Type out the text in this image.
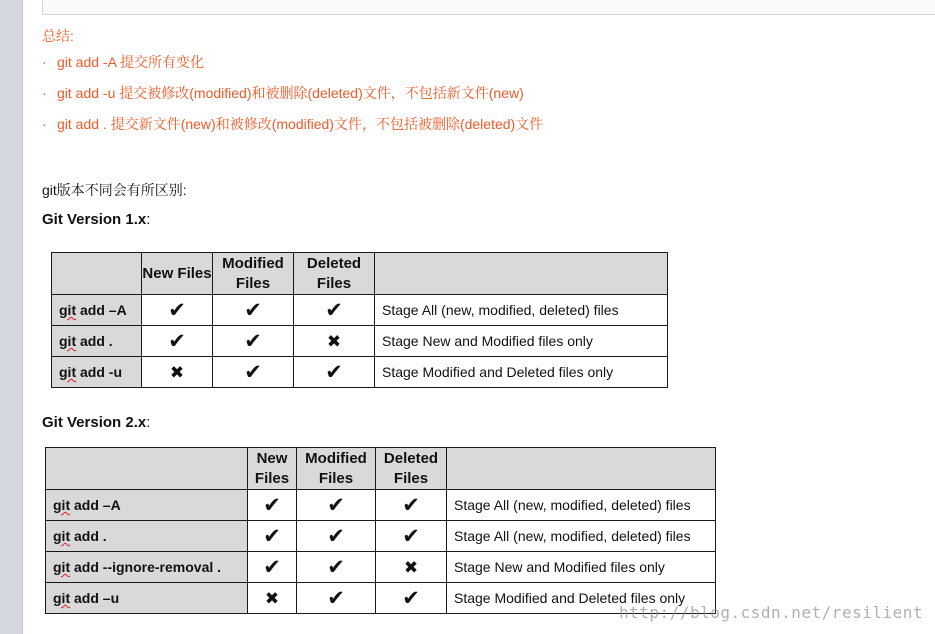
总结:
· git add -A 提交所有变化
· git add -u 提交被修改(modified)和被删除(deleted)文件，不包括新文件(new)
· git add . 提交新文件(new)和被修改(modified)文件，不包括被删除(deleted)文件
git版本不同会有所区别:
Git Version 1.x:
	New Files	Modified Files	Deleted Files	
git add –A	✔	✔	✔	Stage All (new, modified, deleted) files
git add .	✔	✔	✖	Stage New and Modified files only
git add -u	✖	✔	✔	Stage Modified and Deleted files only
Git Version 2.x:
	New Files	Modified Files	Deleted Files	
git add –A	✔	✔	✔	Stage All (new, modified, deleted) files
git add .	✔	✔	✔	Stage All (new, modified, deleted) files
git add --ignore-removal .	✔	✔	✖	Stage New and Modified files only
git add –u	✖	✔	✔	Stage Modified and Deleted files only
http://blog.csdn.net/resilient
